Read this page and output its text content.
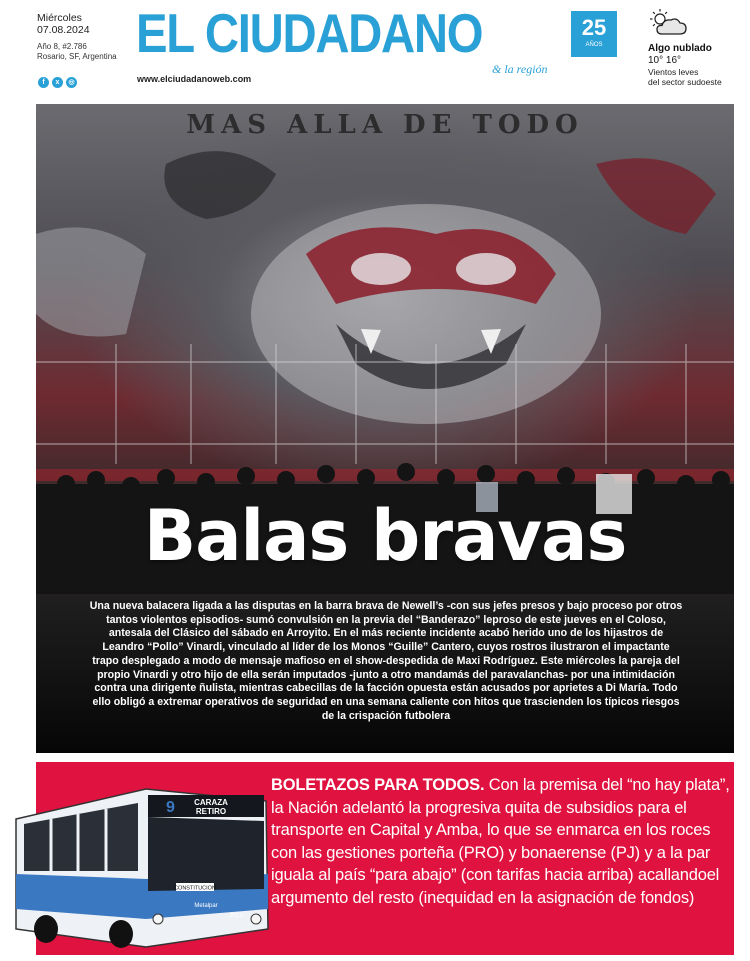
Miércoles
07.08.2024
Año 8, #2.786
Rosario, SF, Argentina
f	x	◎
EL CIUDADANO	25
AÑOS
& la región
www.elciudadanoweb.com
Algo nublado
10° 16°
Vientos leves
del sector sudoeste
MAS ALLA DE TODO
Balas bravas
Una nueva balacera ligada a las disputas en la barra brava de Newell’s -con sus jefes presos y bajo proceso por otros tantos violentos episodios- sumó convulsión en la previa del “Banderazo” leproso de este jueves en el Coloso, antesala del Clásico del sábado en Arroyito. En el más reciente incidente acabó herido uno de los hijastros de Leandro “Pollo” Vinardi, vinculado al líder de los Monos “Guille” Cantero, cuyos rostros ilustraron el impactante trapo desplegado a modo de mensaje mafioso en el show-despedida de Maxi Rodríguez. Este miércoles la pareja del propio Vinardi y otro hijo de ella serán imputados -junto a otro mandamás del paravalanchas- por una intimidación contra una dirigente ñulista, mientras cabecillas de la facción opuesta están acusados por aprietes a Di María. Todo ello obligó a extremar operativos de seguridad en una semana caliente con hitos que trascienden los típicos riesgos de la crispación futbolera
9 CARAZA
RETIRO
CONSTITUCION
Metalpar
9013
BOLETAZOS PARA TODOS. Con la premisa del “no hay plata”, la Nación adelantó la progresiva quita de subsidios para el transporte en Capital y Amba, lo que se enmarca en los roces con las gestiones porteña (PRO) y bonaerense (PJ) y a la par iguala al país “para abajo” (con tarifas hacia arriba) acallandoel argumento del resto (inequidad en la asignación de fondos)
